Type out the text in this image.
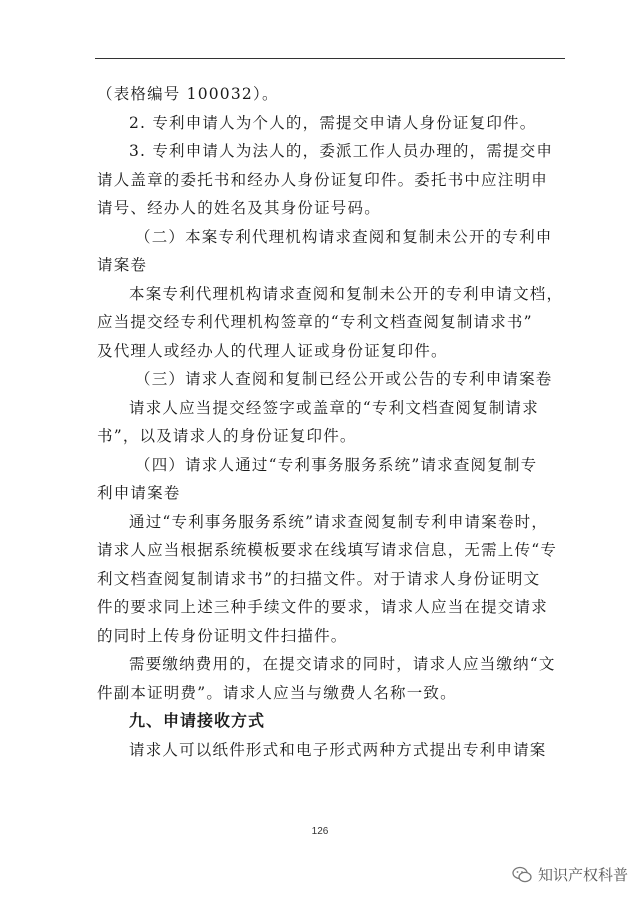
（表格编号 100032）。
2. 专利申请人为个人的，需提交申请人身份证复印件。
3. 专利申请人为法人的，委派工作人员办理的，需提交申
请人盖章的委托书和经办人身份证复印件。委托书中应注明申
请号、经办人的姓名及其身份证号码。
（二）本案专利代理机构请求查阅和复制未公开的专利申
请案卷
本案专利代理机构请求查阅和复制未公开的专利申请文档，
应当提交经专利代理机构签章的“专利文档查阅复制请求书”
及代理人或经办人的代理人证或身份证复印件。
（三）请求人查阅和复制已经公开或公告的专利申请案卷
请求人应当提交经签字或盖章的“专利文档查阅复制请求
书”，以及请求人的身份证复印件。
（四）请求人通过“专利事务服务系统”请求查阅复制专
利申请案卷
通过“专利事务服务系统”请求查阅复制专利申请案卷时，
请求人应当根据系统模板要求在线填写请求信息，无需上传“专
利文档查阅复制请求书”的扫描文件。对于请求人身份证明文
件的要求同上述三种手续文件的要求，请求人应当在提交请求
的同时上传身份证明文件扫描件。
需要缴纳费用的，在提交请求的同时，请求人应当缴纳“文
件副本证明费”。请求人应当与缴费人名称一致。
九、申请接收方式
请求人可以纸件形式和电子形式两种方式提出专利申请案
126
知识产权科普
